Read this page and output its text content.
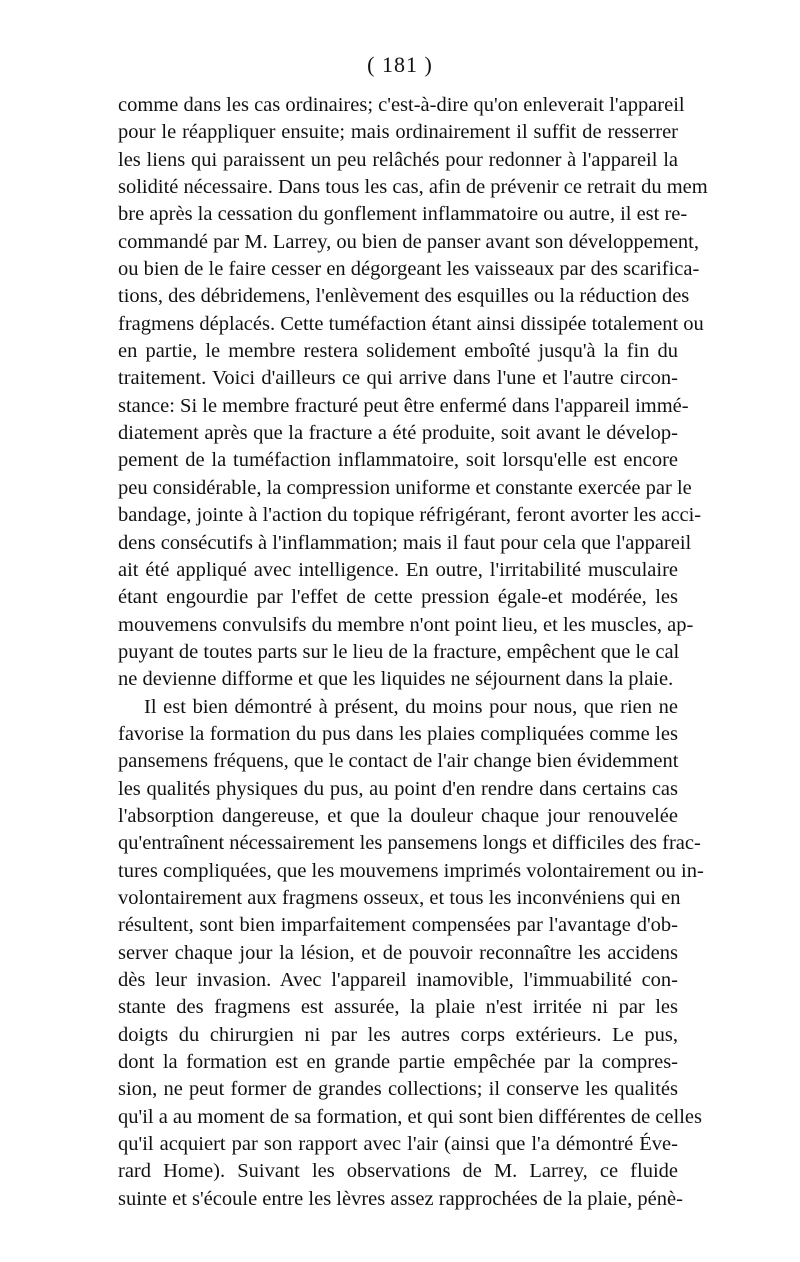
( 181 )
comme dans les cas ordinaires; c'est-à-dire qu'on enleverait l'appareil
pour le réappliquer ensuite; mais ordinairement il suffit de resserrer
les liens qui paraissent un peu relâchés pour redonner à l'appareil la
solidité nécessaire. Dans tous les cas, afin de prévenir ce retrait du mem
bre après la cessation du gonflement inflammatoire ou autre, il est re-
commandé par M. Larrey, ou bien de panser avant son développement,
ou bien de le faire cesser en dégorgeant les vaisseaux par des scarifica-
tions, des débridemens, l'enlèvement des esquilles ou la réduction des
fragmens déplacés. Cette tuméfaction étant ainsi dissipée totalement ou
en partie, le membre restera solidement emboîté jusqu'à la fin du
traitement. Voici d'ailleurs ce qui arrive dans l'une et l'autre circon-
stance: Si le membre fracturé peut être enfermé dans l'appareil immé-
diatement après que la fracture a été produite, soit avant le dévelop-
pement de la tuméfaction inflammatoire, soit lorsqu'elle est encore
peu considérable, la compression uniforme et constante exercée par le
bandage, jointe à l'action du topique réfrigérant, feront avorter les acci-
dens consécutifs à l'inflammation; mais il faut pour cela que l'appareil
ait été appliqué avec intelligence. En outre, l'irritabilité musculaire
étant engourdie par l'effet de cette pression égale-et modérée, les
mouvemens convulsifs du membre n'ont point lieu, et les muscles, ap-
puyant de toutes parts sur le lieu de la fracture, empêchent que le cal
ne devienne difforme et que les liquides ne séjournent dans la plaie.
Il est bien démontré à présent, du moins pour nous, que rien ne
favorise la formation du pus dans les plaies compliquées comme les
pansemens fréquens, que le contact de l'air change bien évidemment
les qualités physiques du pus, au point d'en rendre dans certains cas
l'absorption dangereuse, et que la douleur chaque jour renouvelée
qu'entraînent nécessairement les pansemens longs et difficiles des frac-
tures compliquées, que les mouvemens imprimés volontairement ou in-
volontairement aux fragmens osseux, et tous les inconvéniens qui en
résultent, sont bien imparfaitement compensées par l'avantage d'ob-
server chaque jour la lésion, et de pouvoir reconnaître les accidens
dès leur invasion. Avec l'appareil inamovible, l'immuabilité con-
stante des fragmens est assurée, la plaie n'est irritée ni par les
doigts du chirurgien ni par les autres corps extérieurs. Le pus,
dont la formation est en grande partie empêchée par la compres-
sion, ne peut former de grandes collections; il conserve les qualités
qu'il a au moment de sa formation, et qui sont bien différentes de celles
qu'il acquiert par son rapport avec l'air (ainsi que l'a démontré Éve-
rard Home). Suivant les observations de M. Larrey, ce fluide
suinte et s'écoule entre les lèvres assez rapprochées de la plaie, pénè-
